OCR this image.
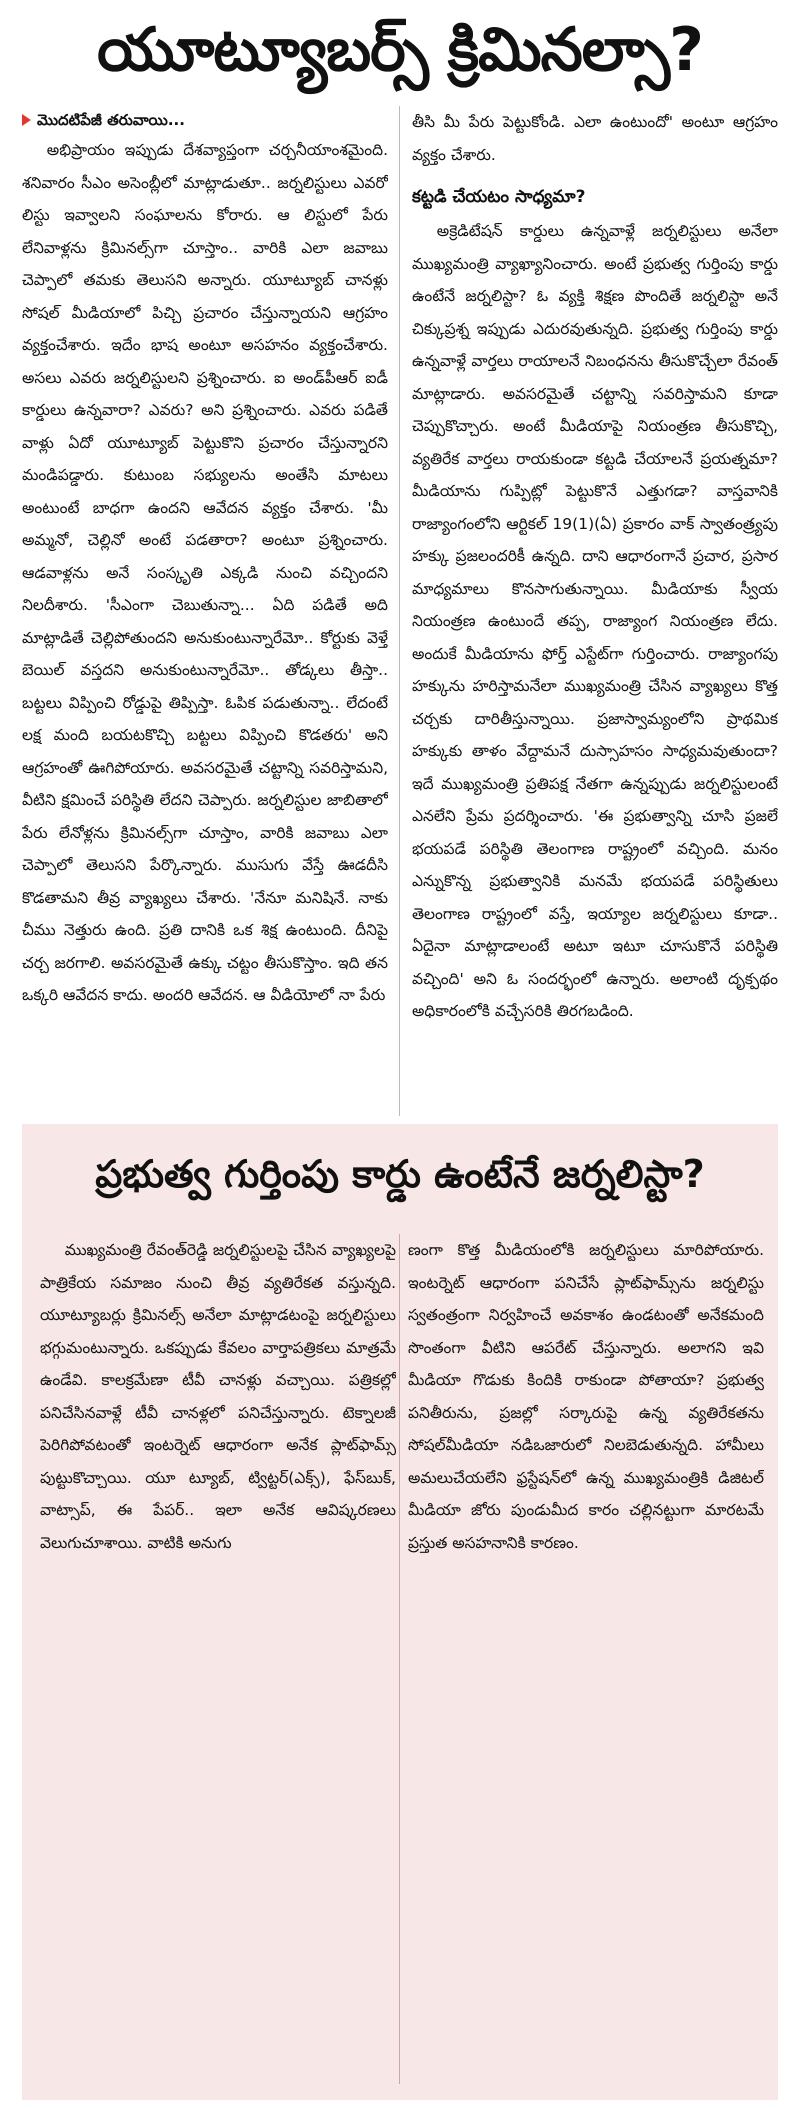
యూట్యూబర్స్ క్రిమినల్సా?
మొదటిపేజీ తరువాయి...

అభిప్రాయం ఇప్పుడు దేశవ్యాప్తంగా చర్చనీయాంశమైంది. శనివారం సీఎం అసెంబ్లీలో మాట్లాడుతూ.. జర్నలిస్టులు ఎవరో లిస్టు ఇవ్వాలని సంఘాలను కోరారు. ఆ లిస్టులో పేరు లేనివాళ్లను క్రిమినల్స్‌గా చూస్తాం.. వారికి ఎలా జవాబు చెప్పాలో తమకు తెలుసని అన్నారు. యూట్యూబ్ చానళ్లు సోషల్ మీడియాలో పిచ్చి ప్రచారం చేస్తున్నాయని ఆగ్రహం వ్యక్తంచేశారు. ఇదేం భాష అంటూ అసహనం వ్యక్తంచేశారు. అసలు ఎవరు జర్నలిస్టులని ప్రశ్నించారు. ఐ అండ్‌పీఆర్ ఐడీ కార్డులు ఉన్నవారా? ఎవరు? అని ప్రశ్నించారు. ఎవరు పడితే వాళ్లు ఏదో యూట్యూబ్ పెట్టుకొని ప్రచారం చేస్తున్నారని మండిపడ్డారు. కుటుంబ సభ్యులను అంతేసి మాటలు అంటుంటే బాధగా ఉందని ఆవేదన వ్యక్తం చేశారు. 'మీ అమ్మనో, చెల్లినో అంటే పడతారా? అంటూ ప్రశ్నించారు. ఆడవాళ్లను అనే సంస్కృతి ఎక్కడి నుంచి వచ్చిందని నిలదీశారు. 'సీఎంగా చెబుతున్నా... ఏది పడితే అది మాట్లాడితే చెల్లిపోతుందని అనుకుంటున్నారేమో.. కోర్టుకు వెళ్తే బెయిల్ వస్తదని అనుకుంటున్నారేమో.. తోడ్కలు తీస్తా.. బట్టలు విప్పించి రోడ్డుపై తిప్పిస్తా. ఓపిక పడుతున్నా.. లేదంటే లక్ష మంది బయటకొచ్చి బట్టలు విప్పించి కొడతరు' అని ఆగ్రహంతో ఊగిపోయారు. అవసరమైతే చట్టాన్ని సవరిస్తామని, వీటిని క్షమించే పరిస్థితి లేదని చెప్పారు. జర్నలిస్టుల జాబితాలో పేరు లేనోళ్లను క్రిమినల్స్‌గా చూస్తాం, వారికి జవాబు ఎలా చెప్పాలో తెలుసని పేర్కొన్నారు. ముసుగు వేస్తే ఊడదీసి కొడతామని తీవ్ర వ్యాఖ్యలు చేశారు. 'నేనూ మనిషినే. నాకు చీము నెత్తురు ఉంది. ప్రతి దానికి ఒక శిక్ష ఉంటుంది. దీనిపై చర్చ జరగాలి. అవసరమైతే ఉక్కు చట్టం తీసుకొస్తాం. ఇది తన ఒక్కరి ఆవేదన కాదు. అందరి ఆవేదన. ఆ వీడియోలో నా పేరు

తీసి మీ పేరు పెట్టుకోండి. ఎలా ఉంటుందో' అంటూ ఆగ్రహం వ్యక్తం చేశారు.

కట్టడి చేయటం సాధ్యమా?

అక్రెడిటేషన్ కార్డులు ఉన్నవాళ్లే జర్నలిస్టులు అనేలా ముఖ్యమంత్రి వ్యాఖ్యానించారు. అంటే ప్రభుత్వ గుర్తింపు కార్డు ఉంటేనే జర్నలిస్టా? ఓ వ్యక్తి శిక్షణ పొందితే జర్నలిస్టా అనే చిక్కుప్రశ్న ఇప్పుడు ఎదురవుతున్నది. ప్రభుత్వ గుర్తింపు కార్డు ఉన్నవాళ్లే వార్తలు రాయాలనే నిబంధనను తీసుకొచ్చేలా రేవంత్ మాట్లాడారు. అవసరమైతే చట్టాన్ని సవరిస్తామని కూడా చెప్పుకొచ్చారు. అంటే మీడియాపై నియంత్రణ తీసుకొచ్చి, వ్యతిరేక వార్తలు రాయకుండా కట్టడి చేయాలనే ప్రయత్నమా? మీడియాను గుప్పిట్లో పెట్టుకొనే ఎత్తుగడా? వాస్తవానికి రాజ్యాంగంలోని ఆర్టికల్ 19(1)(ఏ) ప్రకారం వాక్ స్వాతంత్ర్యపు హక్కు ప్రజలందరికీ ఉన్నది. దాని ఆధారంగానే ప్రచార, ప్రసార మాధ్యమాలు కొనసాగుతున్నాయి. మీడియాకు స్వీయ నియంత్రణ ఉంటుందే తప్ప, రాజ్యాంగ నియంత్రణ లేదు. అందుకే మీడియాను ఫోర్త్ ఎస్టేట్‌గా గుర్తించారు. రాజ్యాంగపు హక్కును హరిస్తామనేలా ముఖ్యమంత్రి చేసిన వ్యాఖ్యలు కొత్త చర్చకు దారితీస్తున్నాయి. ప్రజాస్వామ్యంలోని ప్రాథమిక హక్కుకు తాళం వేద్దామనే దుస్సాహసం సాధ్యమవుతుందా? ఇదే ముఖ్యమంత్రి ప్రతిపక్ష నేతగా ఉన్నప్పుడు జర్నలిస్టులంటే ఎనలేని ప్రేమ ప్రదర్శించారు. 'ఈ ప్రభుత్వాన్ని చూసి ప్రజలే భయపడే పరిస్థితి తెలంగాణ రాష్ట్రంలో వచ్చింది. మనం ఎన్నుకొన్న ప్రభుత్వానికి మనమే భయపడే పరిస్థితులు తెలంగాణ రాష్ట్రంలో వస్తే, ఇయ్యాల జర్నలిస్టులు కూడా.. ఏదైనా మాట్లాడాలంటే అటూ ఇటూ చూసుకొనే పరిస్థితి వచ్చింది' అని ఓ సందర్భంలో ఉన్నారు. అలాంటి దృక్పథం అధికారంలోకి వచ్చేసరికి తిరగబడింది.

ప్రభుత్వ గుర్తింపు కార్డు ఉంటేనే జర్నలిస్టా?

ముఖ్యమంత్రి రేవంత్‌రెడ్డి జర్నలిస్టులపై చేసిన వ్యాఖ్యలపై పాత్రికేయ సమాజం నుంచి తీవ్ర వ్యతిరేకత వస్తున్నది. యూట్యూబర్లు క్రిమినల్స్ అనేలా మాట్లాడటంపై జర్నలిస్టులు భగ్గుమంటున్నారు. ఒకప్పుడు కేవలం వార్తాపత్రికలు మాత్రమే ఉండేవి. కాలక్రమేణా టీవీ చానళ్లు వచ్చాయి. పత్రికల్లో పనిచేసినవాళ్లే టీవీ చానళ్లలో పనిచేస్తున్నారు. టెక్నాలజీ పెరిగిపోవటంతో ఇంటర్నెట్ ఆధారంగా అనేక ప్లాట్‌ఫామ్స్ పుట్టుకొచ్చాయి. యూ ట్యూబ్, ట్విట్టర్(ఎక్స్), ఫేస్‌బుక్, వాట్సాప్, ఈ పేపర్.. ఇలా అనేక ఆవిష్కరణలు వెలుగుచూశాయి. వాటికి అనుగు

ణంగా కొత్త మీడియంలోకి జర్నలిస్టులు మారిపోయారు. ఇంటర్నెట్ ఆధారంగా పనిచేసే ప్లాట్‌ఫామ్స్‌ను జర్నలిస్టు స్వతంత్రంగా నిర్వహించే అవకాశం ఉండటంతో అనేకమంది సొంతంగా వీటిని ఆపరేట్ చేస్తున్నారు. అలాగని ఇవి మీడియా గొడుకు కిందికి రాకుండా పోతాయా? ప్రభుత్వ పనితీరును, ప్రజల్లో సర్కారుపై ఉన్న వ్యతిరేకతను సోషల్‌మీడియా నడిఒజారులో నిలబెడుతున్నది. హామీలు అమలుచేయలేని ఫ్రస్టేషన్‌లో ఉన్న ముఖ్యమంత్రికి డిజిటల్ మీడియా జోరు పుండుమీద కారం చల్లినట్టుగా మారటమే ప్రస్తుత అసహనానికి కారణం.
